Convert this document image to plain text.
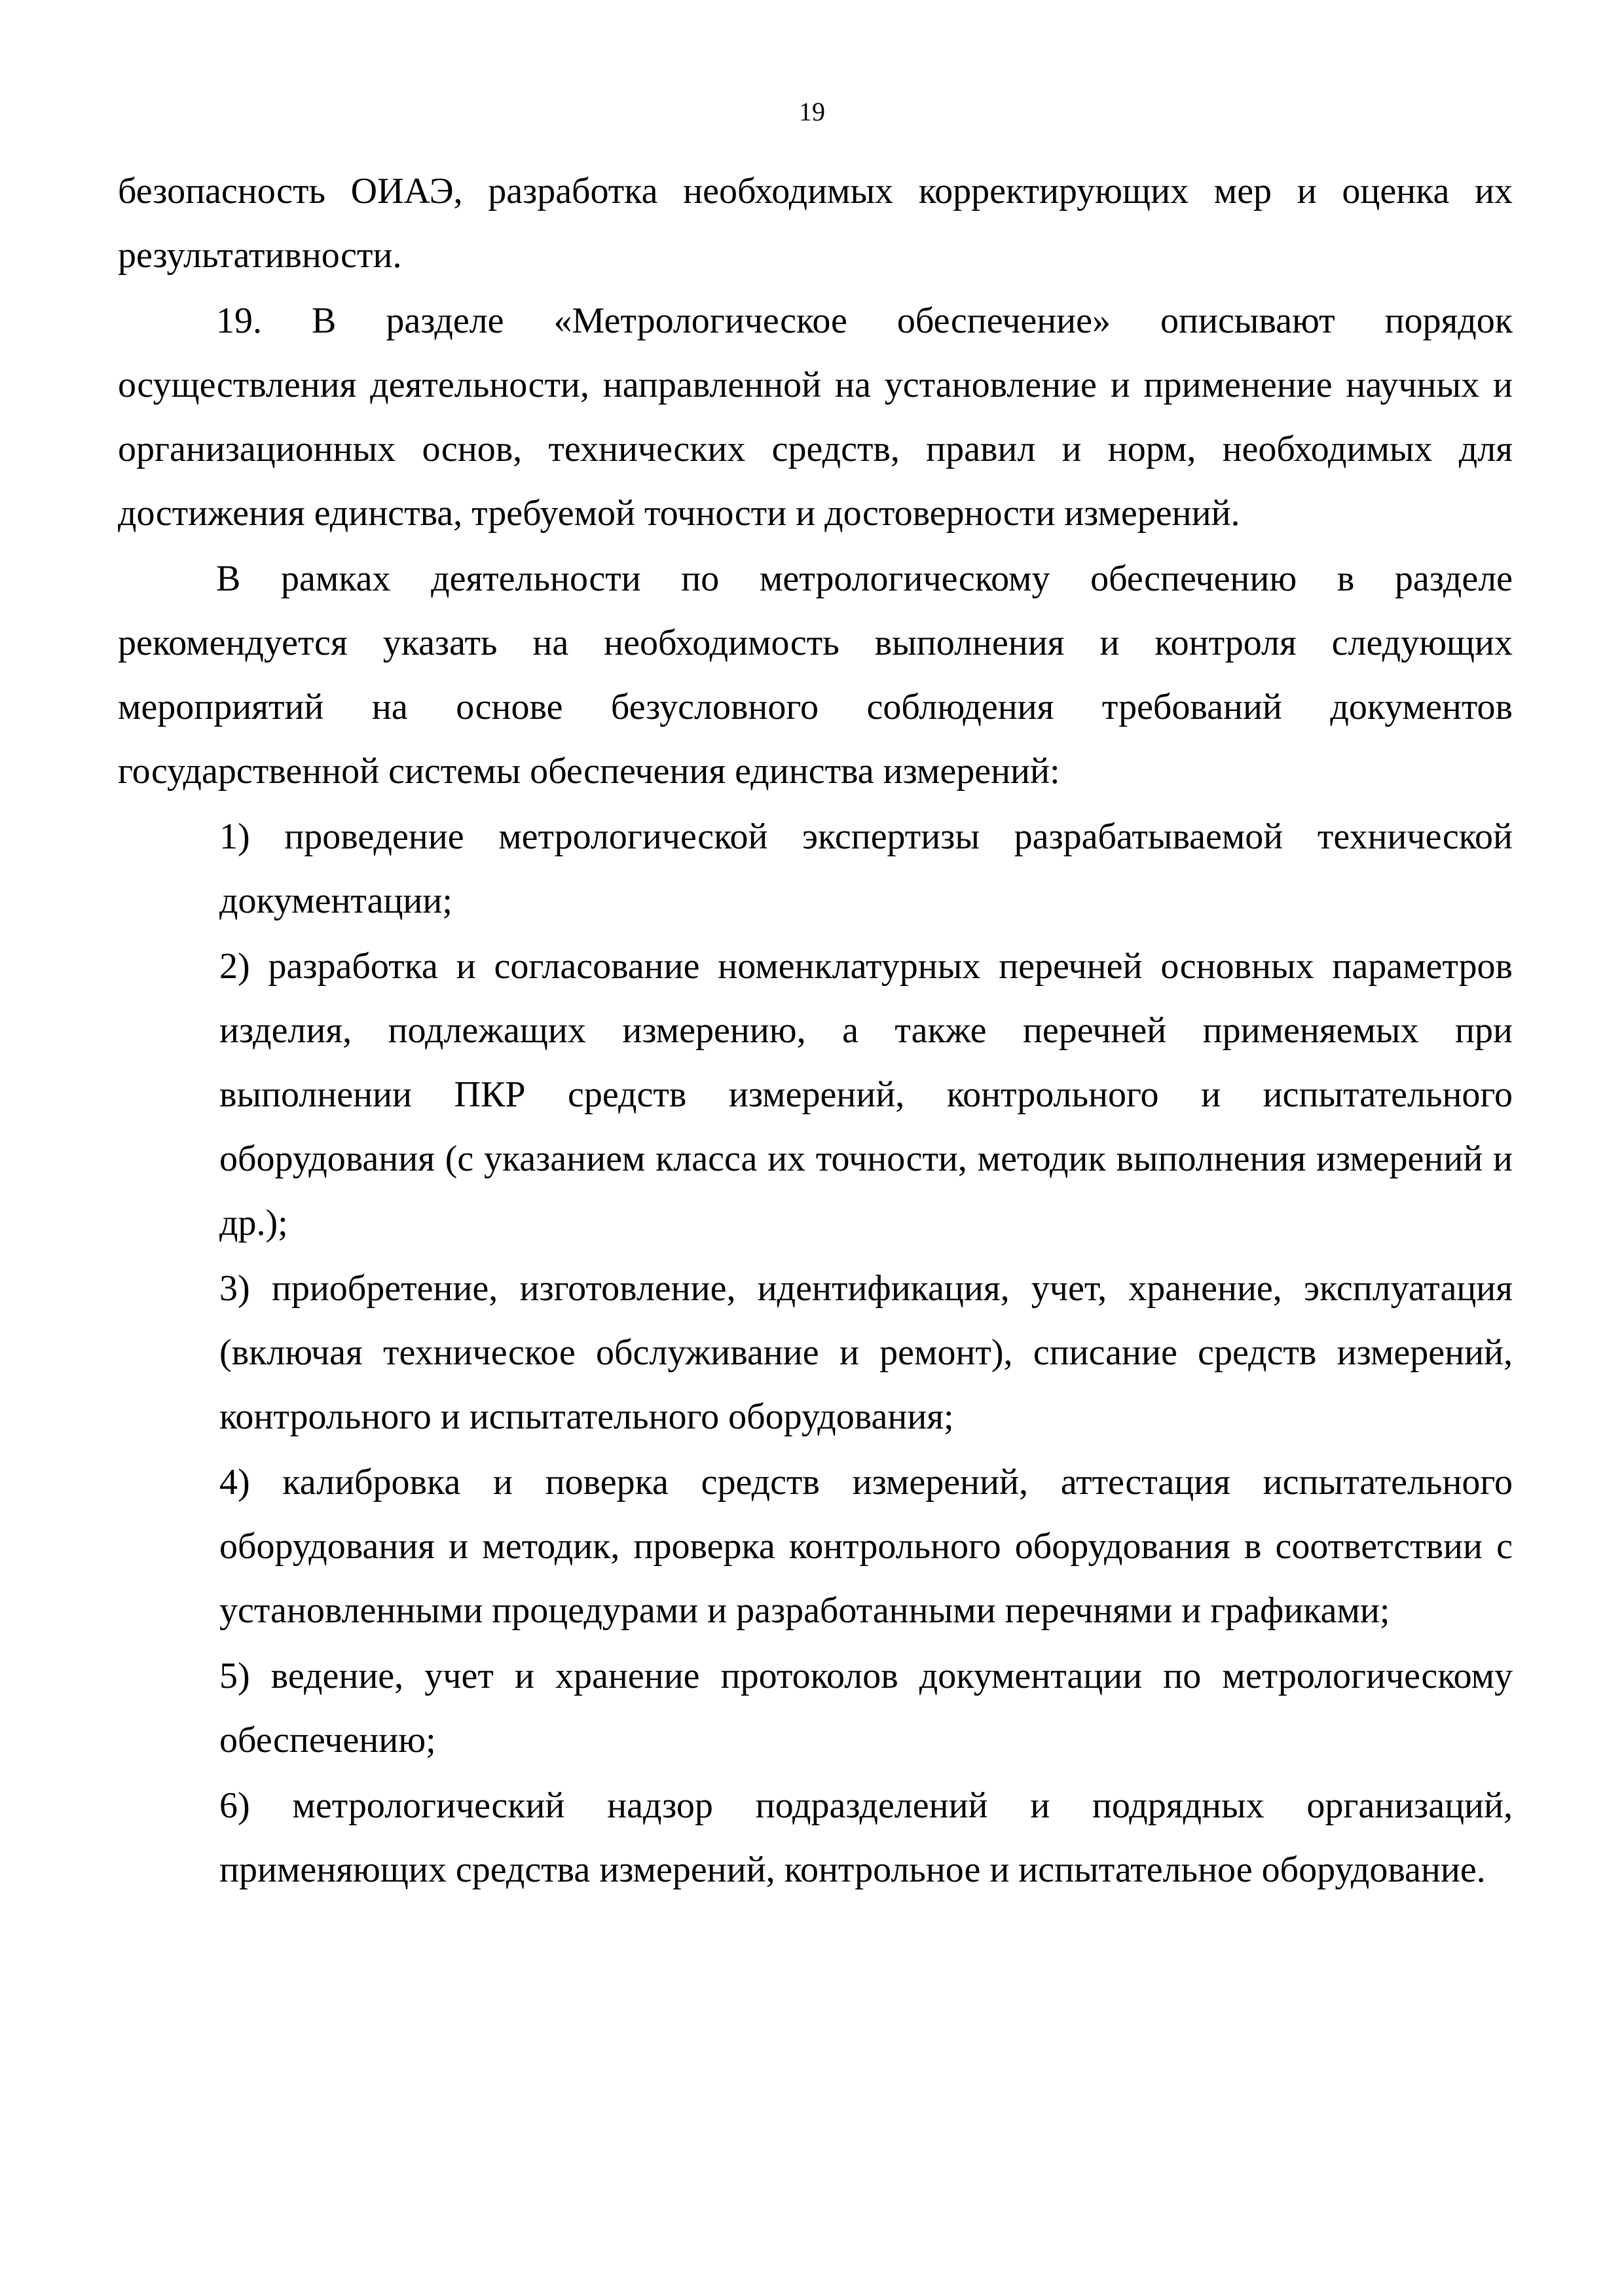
19

безопасность ОИАЭ, разработка необходимых корректирующих мер и оценка их результативности.

19. В разделе «Метрологическое обеспечение» описывают порядок осуществления деятельности, направленной на установление и применение научных и организационных основ, технических средств, правил и норм, необходимых для достижения единства, требуемой точности и достоверности измерений.

В рамках деятельности по метрологическому обеспечению в разделе рекомендуется указать на необходимость выполнения и контроля следующих мероприятий на основе безусловного соблюдения требований документов государственной системы обеспечения единства измерений:

1) проведение метрологической экспертизы разрабатываемой технической документации;

2) разработка и согласование номенклатурных перечней основных параметров изделия, подлежащих измерению, а также перечней применяемых при выполнении ПКР средств измерений, контрольного и испытательного оборудования (с указанием класса их точности, методик выполнения измерений и др.);

3) приобретение, изготовление, идентификация, учет, хранение, эксплуатация (включая техническое обслуживание и ремонт), списание средств измерений, контрольного и испытательного оборудования;

4) калибровка и поверка средств измерений, аттестация испытательного оборудования и методик, проверка контрольного оборудования в соответствии с установленными процедурами и разработанными перечнями и графиками;

5) ведение, учет и хранение протоколов документации по метрологическому обеспечению;

6) метрологический надзор подразделений и подрядных организаций, применяющих средства измерений, контрольное и испытательное оборудование.
